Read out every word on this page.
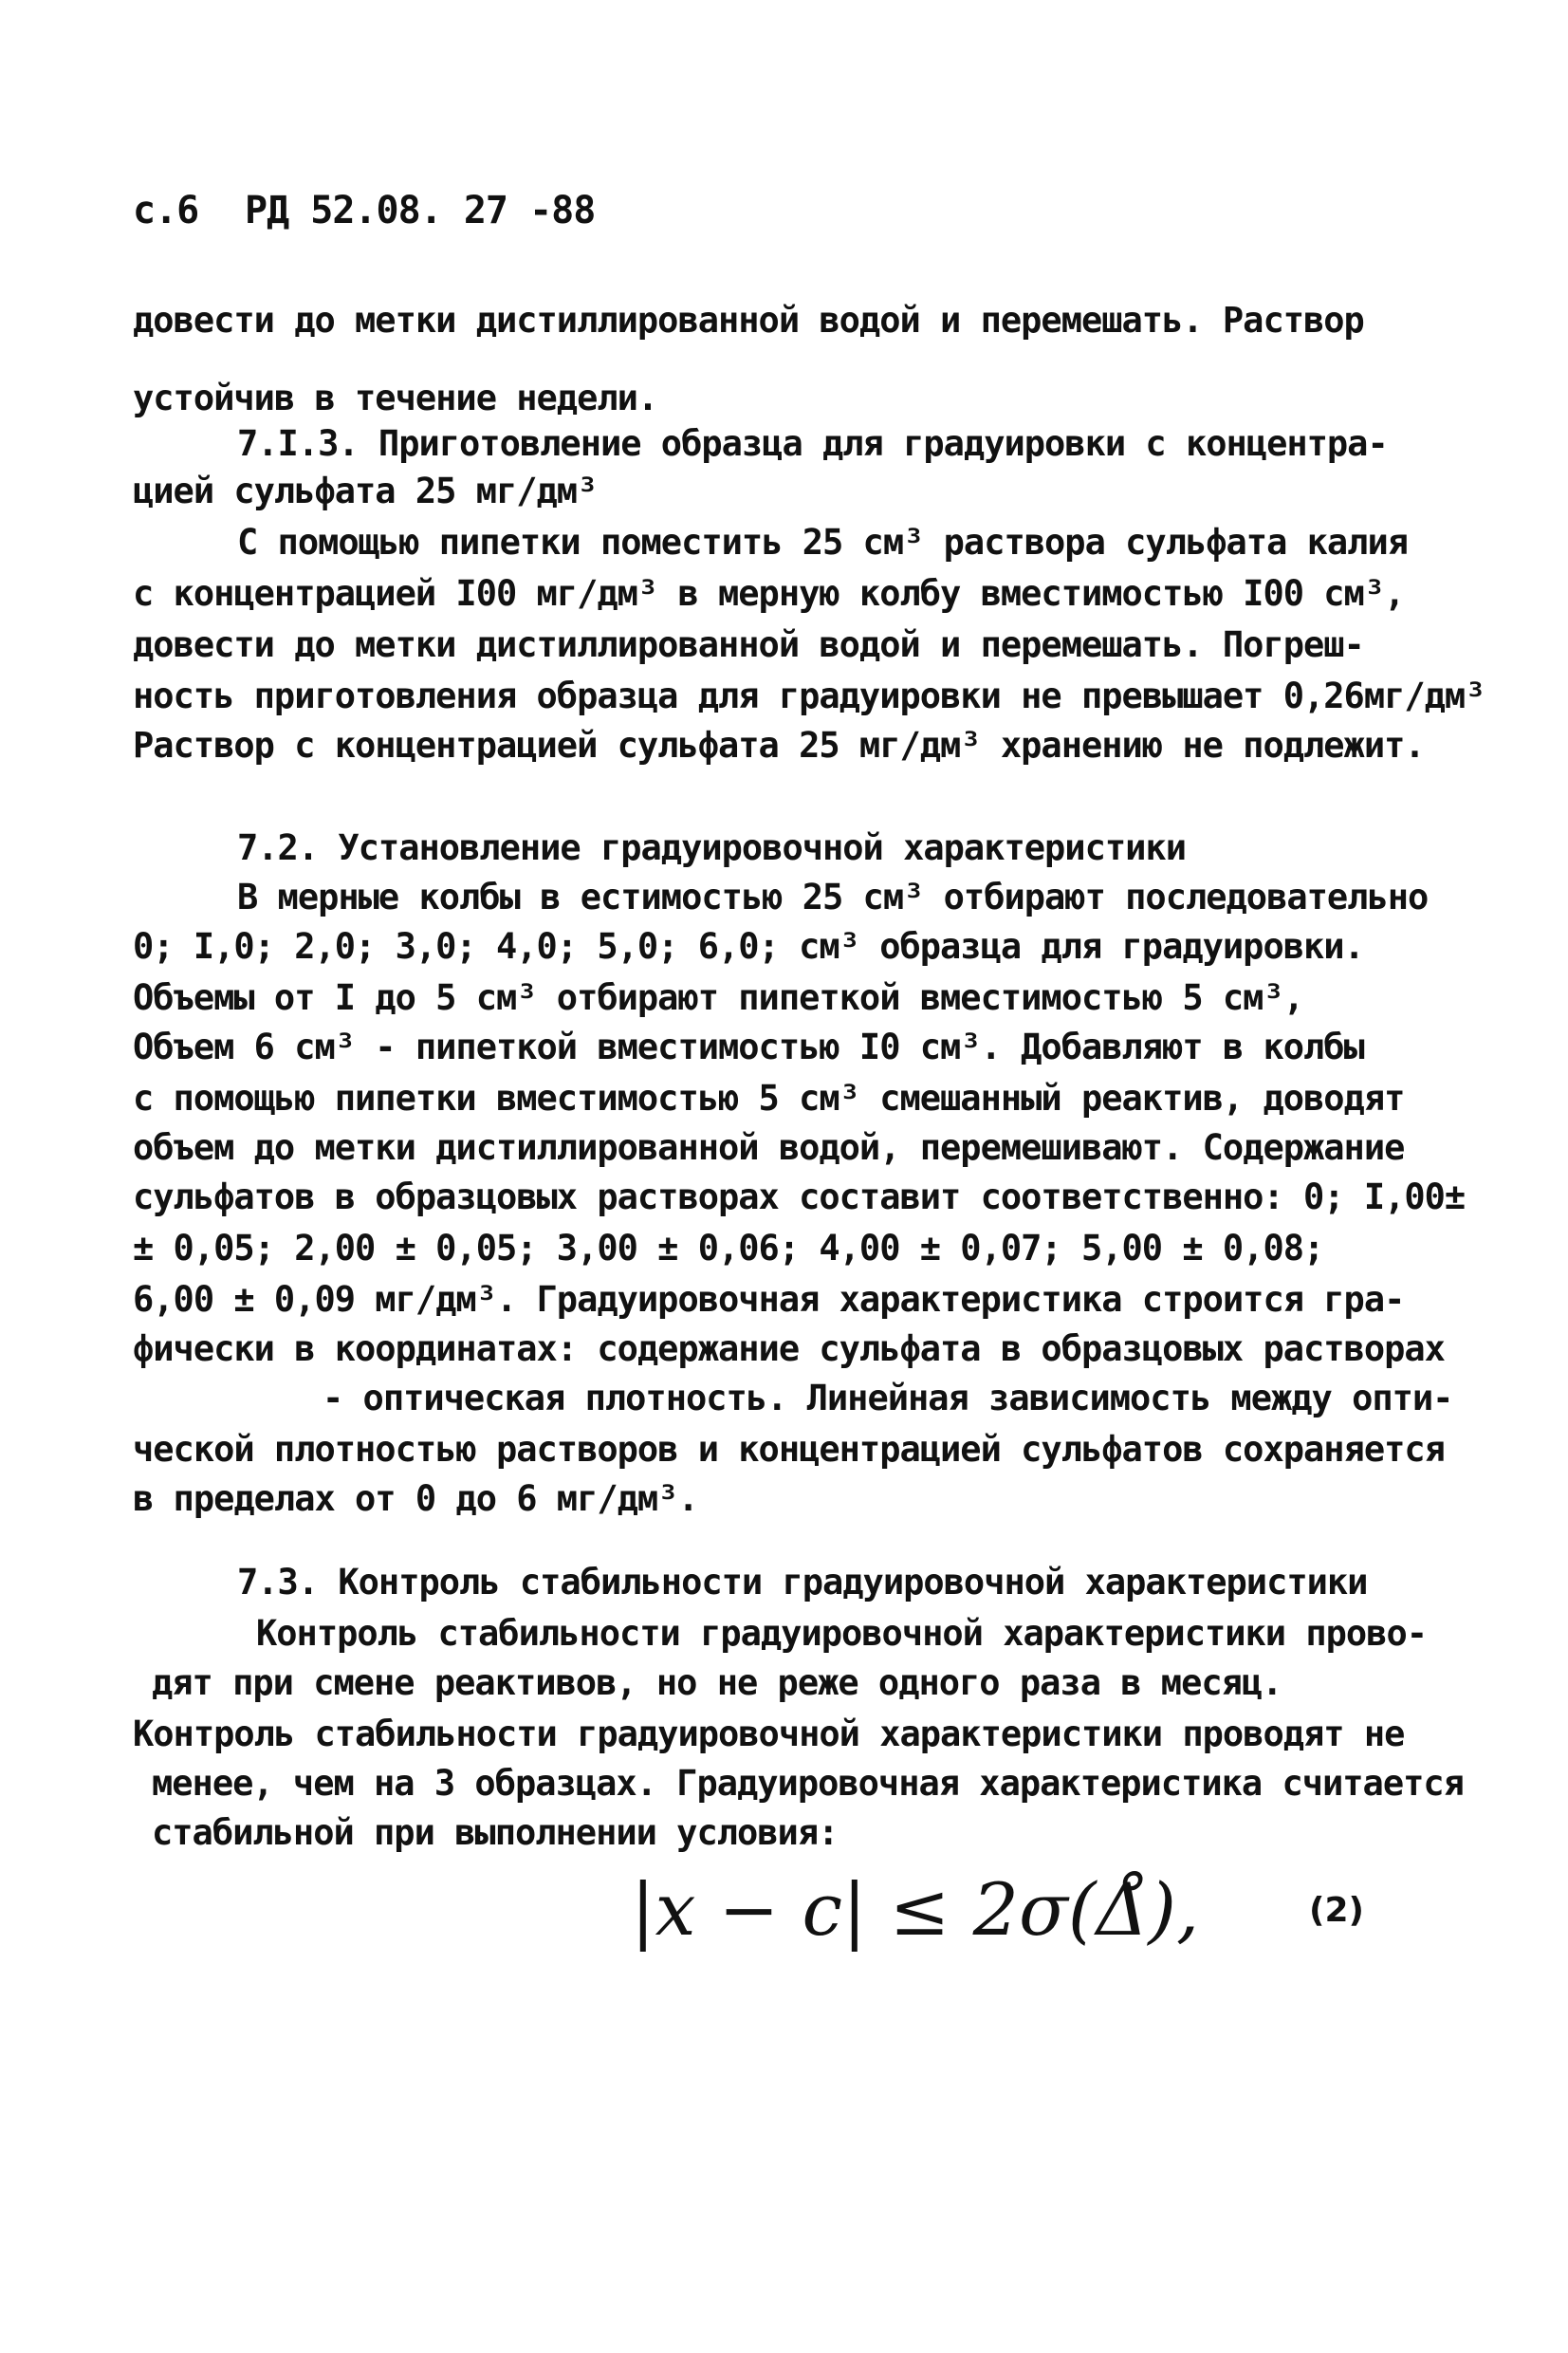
с.6 РД 52.08. 27 -88

довести до метки дистиллированной водой и перемешать. Раствор

устойчив в течение недели.

7.I.3. Приготовление образца для градуировки с концентра-

цией сульфата 25 мг/дм³

С помощью пипетки поместить 25 см³ раствора сульфата калия

с концентрацией I00 мг/дм³ в мерную колбу вместимостью I00 см³,

довести до метки дистиллированной водой и перемешать. Погреш-

ность приготовления образца для градуировки не превышает 0,26мг/дм³

Раствор с концентрацией сульфата 25 мг/дм³ хранению не подлежит.

7.2. Установление градуировочной характеристики

В мерные колбы в естимостью 25 см³ отбирают последовательно

0; I,0; 2,0; 3,0; 4,0; 5,0; 6,0; см³ образца для градуировки.

Объемы от I до 5 см³ отбирают пипеткой вместимостью 5 см³,

Объем 6 см³ - пипеткой вместимостью I0 см³. Добавляют в колбы

с помощью пипетки вместимостью 5 см³ смешанный реактив, доводят

объем до метки дистиллированной водой, перемешивают. Содержание

сульфатов в образцовых растворах составит соответственно: 0; I,00±

± 0,05; 2,00 ± 0,05; 3,00 ± 0,06; 4,00 ± 0,07; 5,00 ± 0,08;

6,00 ± 0,09 мг/дм³. Градуировочная характеристика строится гра-

фически в координатах: содержание сульфата в образцовых растворах

- оптическая плотность. Линейная зависимость между опти-

ческой плотностью растворов и концентрацией сульфатов сохраняется

в пределах от 0 до 6 мг/дм³.

7.3. Контроль стабильности градуировочной характеристики

Контроль стабильности градуировочной характеристики прово-

дят при смене реактивов, но не реже одного раза в месяц.

Контроль стабильности градуировочной характеристики проводят не

менее, чем на 3 образцах. Градуировочная характеристика считается

стабильной при выполнении условия:

|x − c| ≤ 2σ(Δ̊),	(2)
